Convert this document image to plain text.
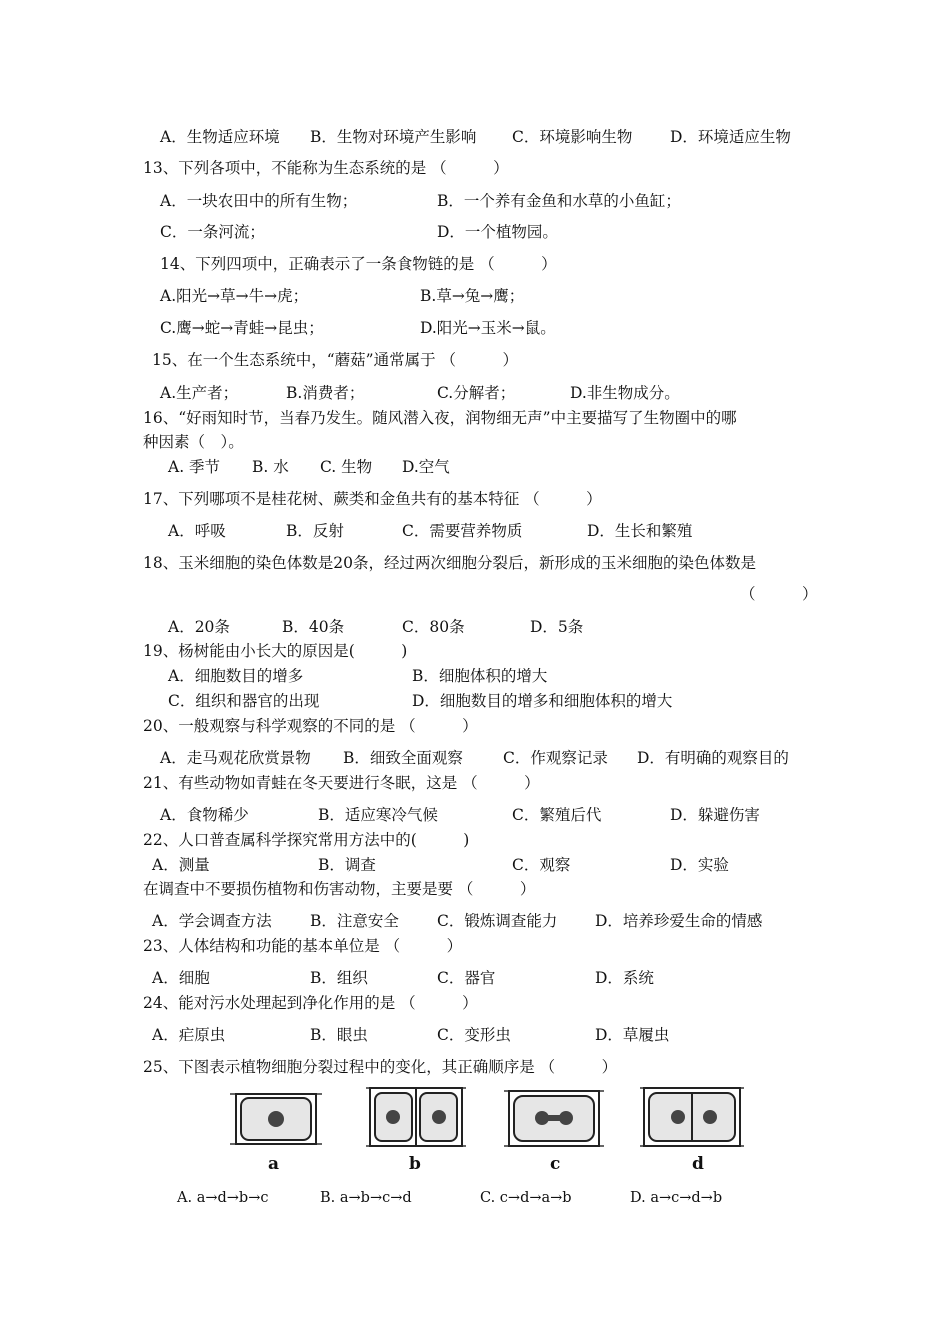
A．生物适应环境 B．生物对环境产生影响 C．环境影响生物 D．环境适应生物
13、下列各项中，不能称为生态系统的是 （　　　）
A．一块农田中的所有生物；	B．一个养有金鱼和水草的小鱼缸；
C．一条河流；	D．一个植物园。
14、下列四项中，正确表示了一条食物链的是 （　　　）
A.阳光→草→牛→虎；	B.草→兔→鹰；
C.鹰→蛇→青蛙→昆虫；	D.阳光→玉米→鼠。
15、在一个生态系统中，“蘑菇”通常属于 （　　　）
A.生产者；	B.消费者；	C.分解者；	D.非生物成分。
16、“好雨知时节，当春乃发生。随风潜入夜，润物细无声”中主要描写了生物圈中的哪
种因素（　）。
A. 季节 B. 水 C. 生物 D.空气
17、下列哪项不是桂花树、蕨类和金鱼共有的基本特征 （　　　）
A．呼吸	B．反射	C．需要营养物质	D．生长和繁殖
18、玉米细胞的染色体数是20条，经过两次细胞分裂后，新形成的玉米细胞的染色体数是
（　　　）
A．20条	B．40条	C．80条	D．5条
19、杨树能由小长大的原因是(　　　)
A．细胞数目的增多	B．细胞体积的增大
C．组织和器官的出现	D．细胞数目的增多和细胞体积的增大
20、一般观察与科学观察的不同的是 （　　　）
A．走马观花欣赏景物 B．细致全面观察	C．作观察记录 D．有明确的观察目的
21、有些动物如青蛙在冬天要进行冬眠，这是 （　　　）
A．食物稀少	B．适应寒冷气候	C．繁殖后代	D．躲避伤害
22、人口普查属科学探究常用方法中的(　　　)
A．测量	B．调查	C．观察	D．实验
在调查中不要损伤植物和伤害动物，主要是要 （　　　）
A．学会调查方法 B．注意安全 C．锻炼调查能力 D．培养珍爱生命的情感
23、人体结构和功能的基本单位是 （　　　）
A．细胞	B．组织	C．器官	D．系统
24、能对污水处理起到净化作用的是 （　　　）
A．疟原虫	B．眼虫	C．变形虫	D．草履虫
25、下图表示植物细胞分裂过程中的变化，其正确顺序是 （　　　）
a	b	c	d
A. a→d→b→c	B. a→b→c→d	C. c→d→a→b	D. a→c→d→b
